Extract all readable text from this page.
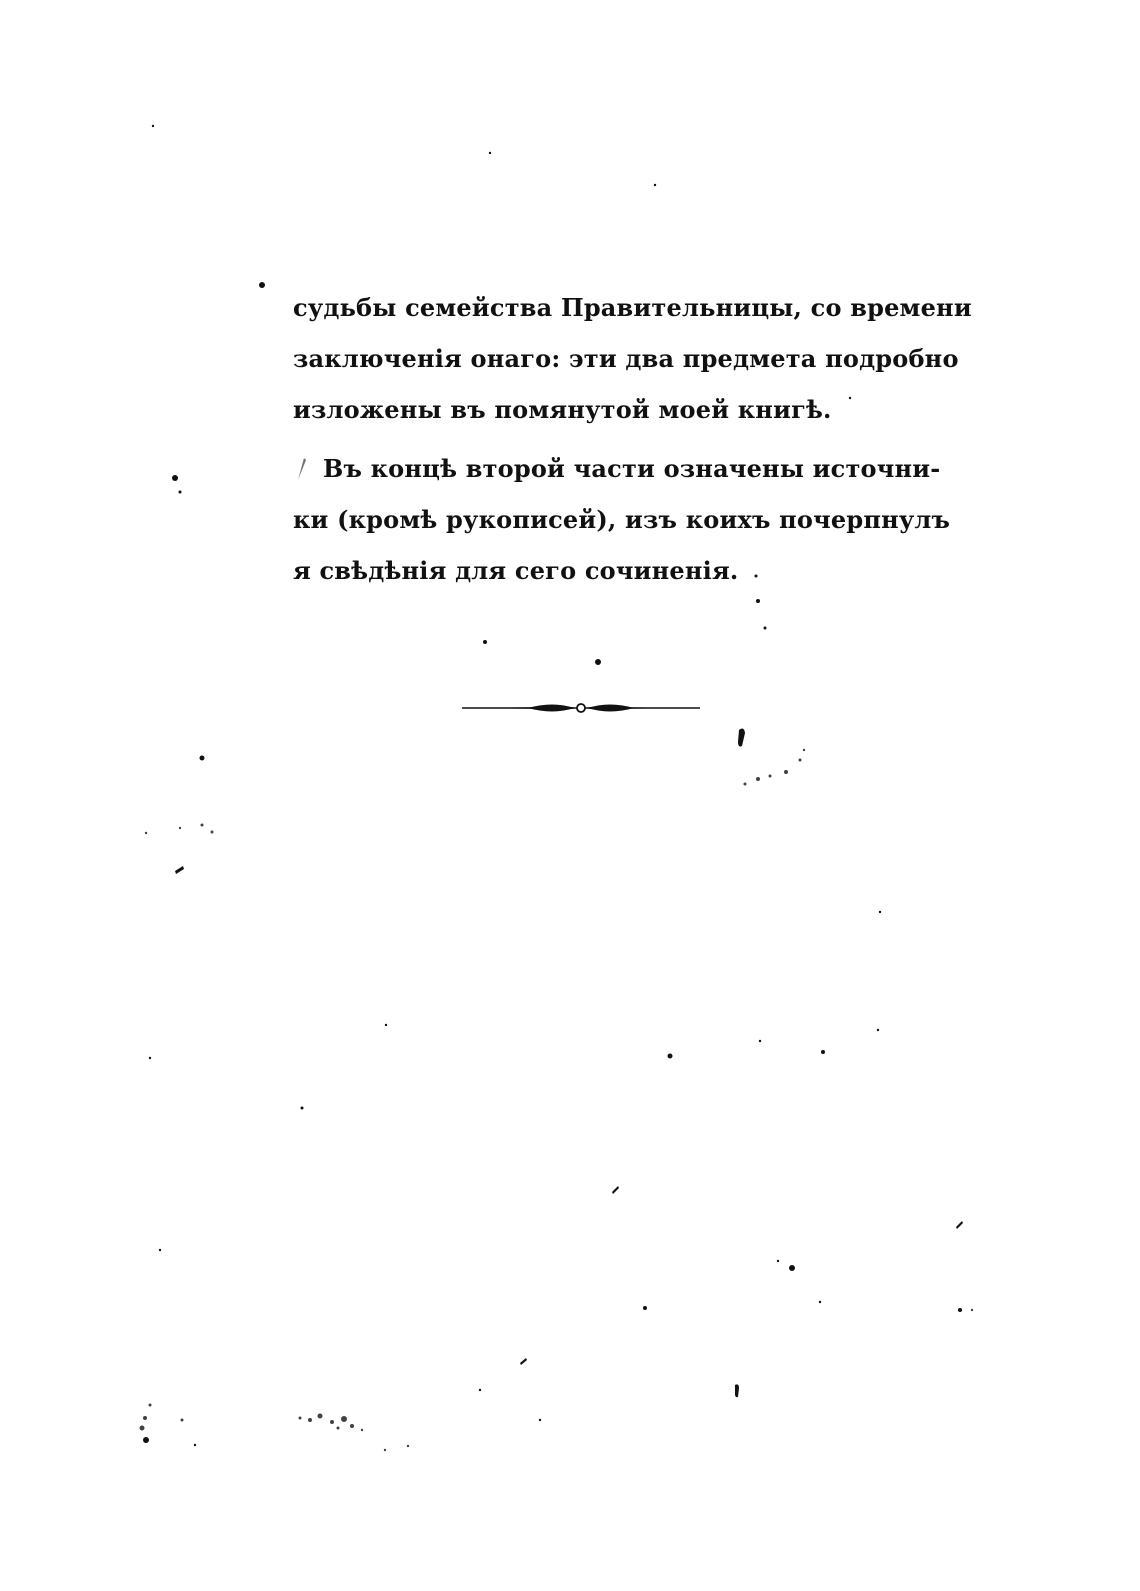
судьбы семейства Правительницы, со времени
заключенія онаго: эти два предмета подробно
изложены въ помянутой моей книгѣ.
Въ концѣ второй части означены источни-
ки (кромѣ рукописей), изъ коихъ почерпнулъ
я свѣдѣнія для сего сочиненія.
